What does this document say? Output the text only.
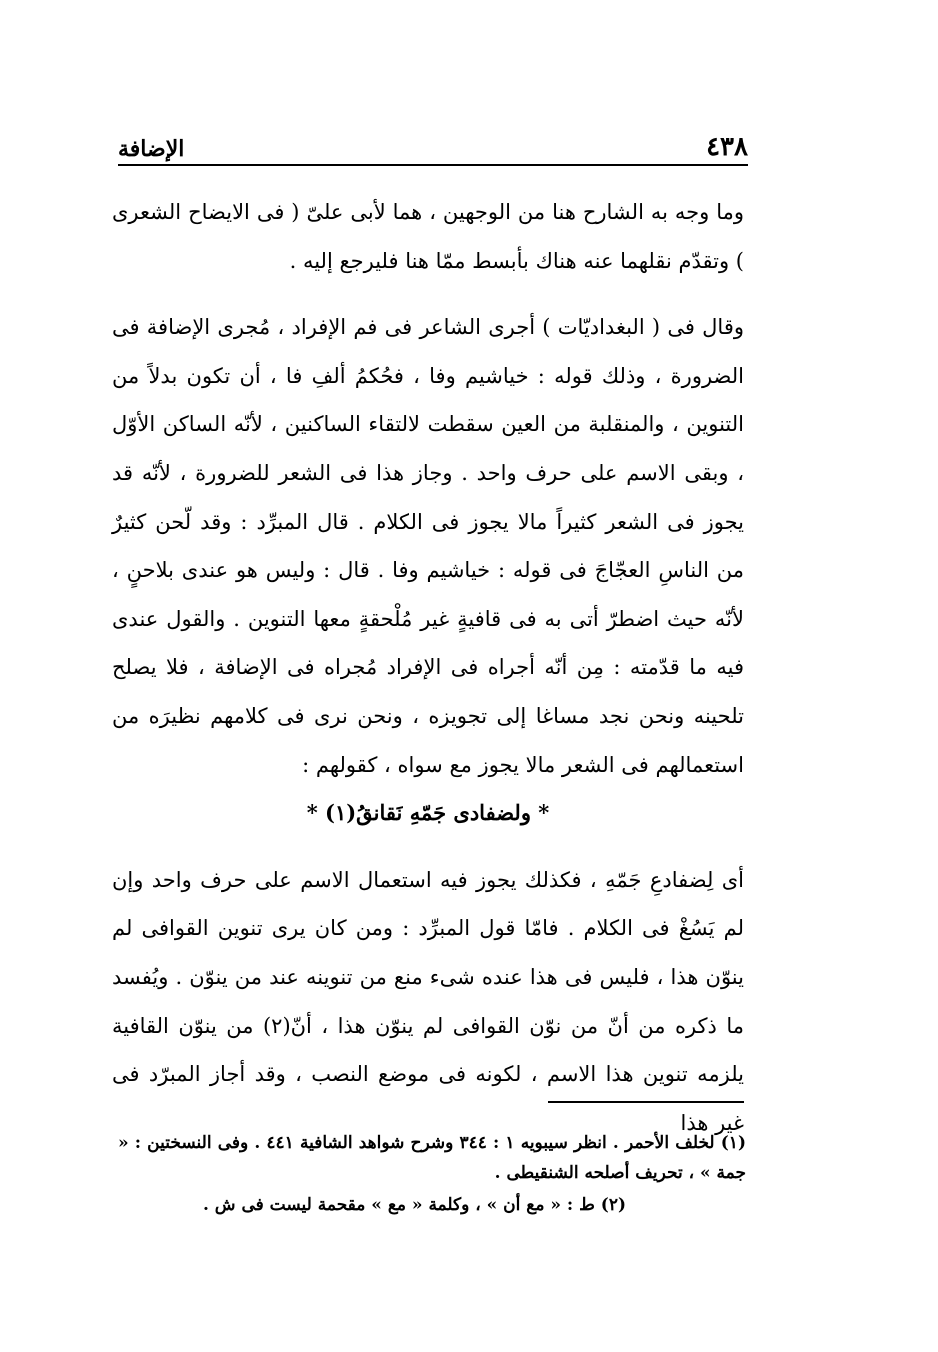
٤٣٨
الإضافة

وما وجه به الشارح هنا من الوجهين ، هما لأبى علىّ ( فى الايضاح الشعرى ) وتقدّم نقلهما عنه هناك بأبسط ممّا هنا فليرجع إليه .

وقال فى ( البغداديّات ) أجرى الشاعر فى فم الإفراد ، مُجرى الإضافة فى الضرورة ، وذلك قوله : خياشيم وفا ، فحُكمُ ألفِ فا ، أن تكون بدلاً من التنوين ، والمنقلبة من العين سقطت لالتقاء الساكنين ، لأنّه الساكن الأوّل ، وبقى الاسم على حرف واحد . وجاز هذا فى الشعر للضرورة ، لأنّه قد يجوز فى الشعر كثيراً مالا يجوز فى الكلام . قال المبرِّد : وقد لّحن كثيرٌ من الناسِ العجّاجَ فى قوله : خياشيم وفا . قال : وليس هو عندى بلاحنٍ ، لأنّه حيث اضطرّ أتى به فى قافيةٍ غير مُلْحقةٍ معها التنوين . والقول عندى فيه ما قدّمته : مِن أنّه أجراه فى الإفراد مُجراه فى الإضافة ، فلا يصلح تلحينه ونحن نجد مساغا إلى تجويزه ، ونحن نرى فى كلامهم نظيرَه من استعمالهم فى الشعر مالا يجوز مع سواه ، كقولهم :

* ولضفادى جَمّهِ نَقانقُ(١) *

أى لِضفادعِ جَمّهِ ، فكذلك يجوز فيه استعمال الاسم على حرف واحد وإن لم يَسُغْ فى الكلام . فامّا قول المبرِّد : ومن كان يرى تنوين القوافى لم ينوّن هذا ، فليس فى هذا عنده شىء منع من تنوينه عند من ينوّن . ويُفسد ما ذكره من أنّ من نوّن القوافى لم ينوّن هذا ، أنّ(٢) من ينوّن القافية يلزمه تنوين هذا الاسم ، لكونه فى موضع النصب ، وقد أجاز المبرّد فى غير هذا

(١) لخلف الأحمر . انظر سيبويه ١ : ٣٤٤ وشرح شواهد الشافية ٤٤١ . وفى النسختين : « جمة » ، تحريف أصلحه الشنقيطى .

(٢) ط : « مع أن » ، وكلمة « مع » مقحمة ليست فى ش .
